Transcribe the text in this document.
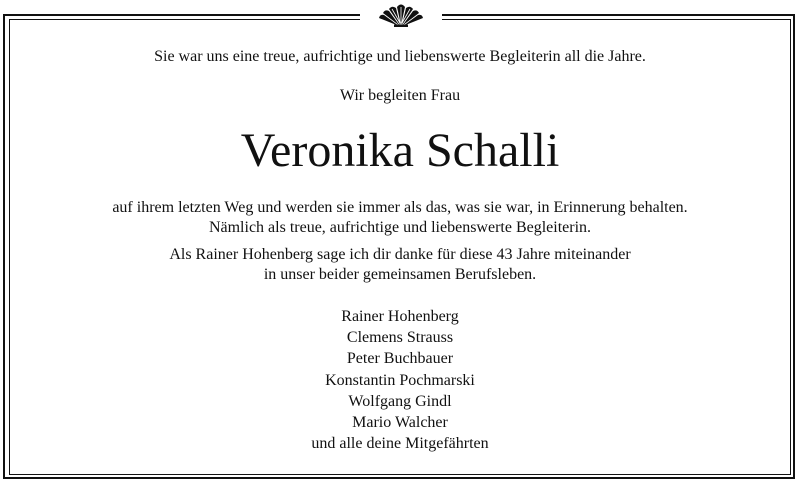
Sie war uns eine treue, aufrichtige und liebenswerte Begleiterin all die Jahre.
Wir begleiten Frau
Veronika Schalli
auf ihrem letzten Weg und werden sie immer als das, was sie war, in Erinnerung behalten.
Nämlich als treue, aufrichtige und liebenswerte Begleiterin.
Als Rainer Hohenberg sage ich dir danke für diese 43 Jahre miteinander
in unser beider gemeinsamen Berufsleben.
Rainer Hohenberg
Clemens Strauss
Peter Buchbauer
Konstantin Pochmarski
Wolfgang Gindl
Mario Walcher
und alle deine Mitgefährten
